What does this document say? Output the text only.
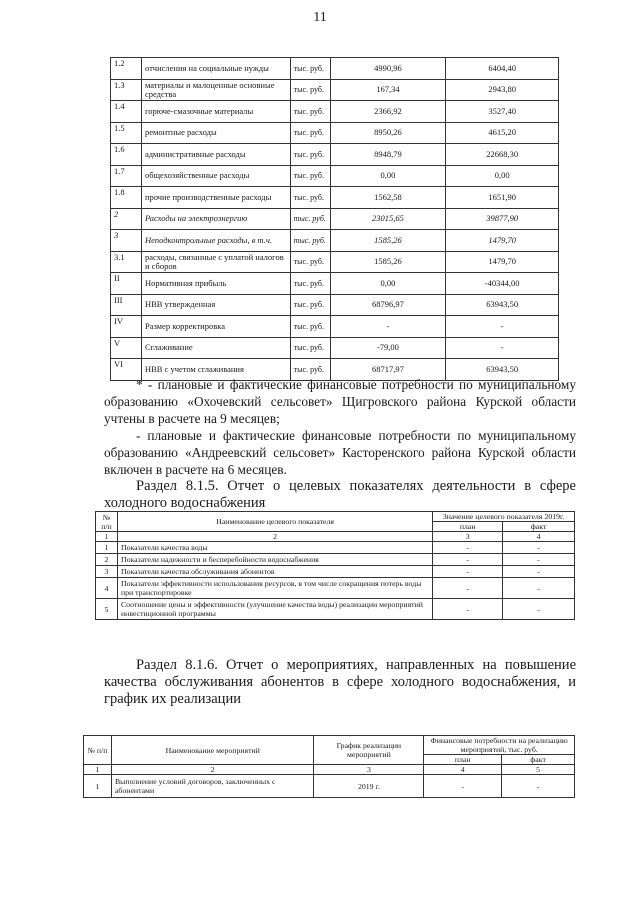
11
1.2	отчисления на социальные нужды	тыс. руб.	4990,96	6404,40
1.3	материалы и малоценные основные средства	тыс. руб.	167,34	2943,80
1.4	горюче-смазочные материалы	тыс. руб.	2366,92	3527,40
1.5	ремонтные расходы	тыс. руб.	8950,26	4615,20
1.6	административные расходы	тыс. руб.	8948,79	22668,30
1.7	общехозяйственные расходы	тыс. руб.	0,00	0,00
1.8	прочие производственные расходы	тыс. руб.	1562,58	1651,90
2	Расходы на электроэнергию	тыс. руб.	23015,65	39877,90
3	Неподконтрольные расходы, в т.ч.	тыс. руб.	1585,26	1479,70
3.1	расходы, связанные с уплатой налогов и сборов	тыс. руб.	1585,26	1479,70
II	Нормативная прибыль	тыс. руб.	0,00	-40344,00
III	НВВ утвержденная	тыс. руб.	68796,97	63943,50
IV	Размер корректировка	тыс. руб.	-	-
V	Сглаживание	тыс. руб.	-79,00	-
VI	НВВ с учетом сглаживания	тыс. руб.	68717,97	63943,50

* - плановые и фактические финансовые потребности по муниципальному образованию «Охочевский сельсовет» Щигровского района Курской области учтены в расчете на 9 месяцев;

- плановые и фактические финансовые потребности по муниципальному образованию «Андреевский сельсовет» Касторенского района Курской области включен в расчете на 6 месяцев.

Раздел 8.1.5. Отчет о целевых показателях деятельности в сфере холодного водоснабжения

№ п/п	Наименование целевого показателя	Значение целевого показателя 2019г.	
		план	факт
1	2	3	4
1	Показатели качества воды	-	-
2	Показатели надежности и бесперебойности водоснабжения	-	-
3	Показатели качества обслуживания абонентов	-	-
4	Показатели эффективности использования ресурсов, в том числе сокращения потерь воды при транспортировке	-	-
5	Соотношение цены и эффективности (улучшение качества воды) реализации мероприятий инвестиционной программы	-	-

Раздел 8.1.6. Отчет о мероприятиях, направленных на повышение качества обслуживания абонентов в сфере холодного водоснабжения, и график их реализации

№ п/п	Наименование мероприятий	График реализации мероприятий	Финансовые потребности на реализацию мероприятий, тыс. руб.	
			план	факт
1	2	3	4	5
1	Выполнение условий договоров, заключенных с абонентами	2019 г.	-	-
